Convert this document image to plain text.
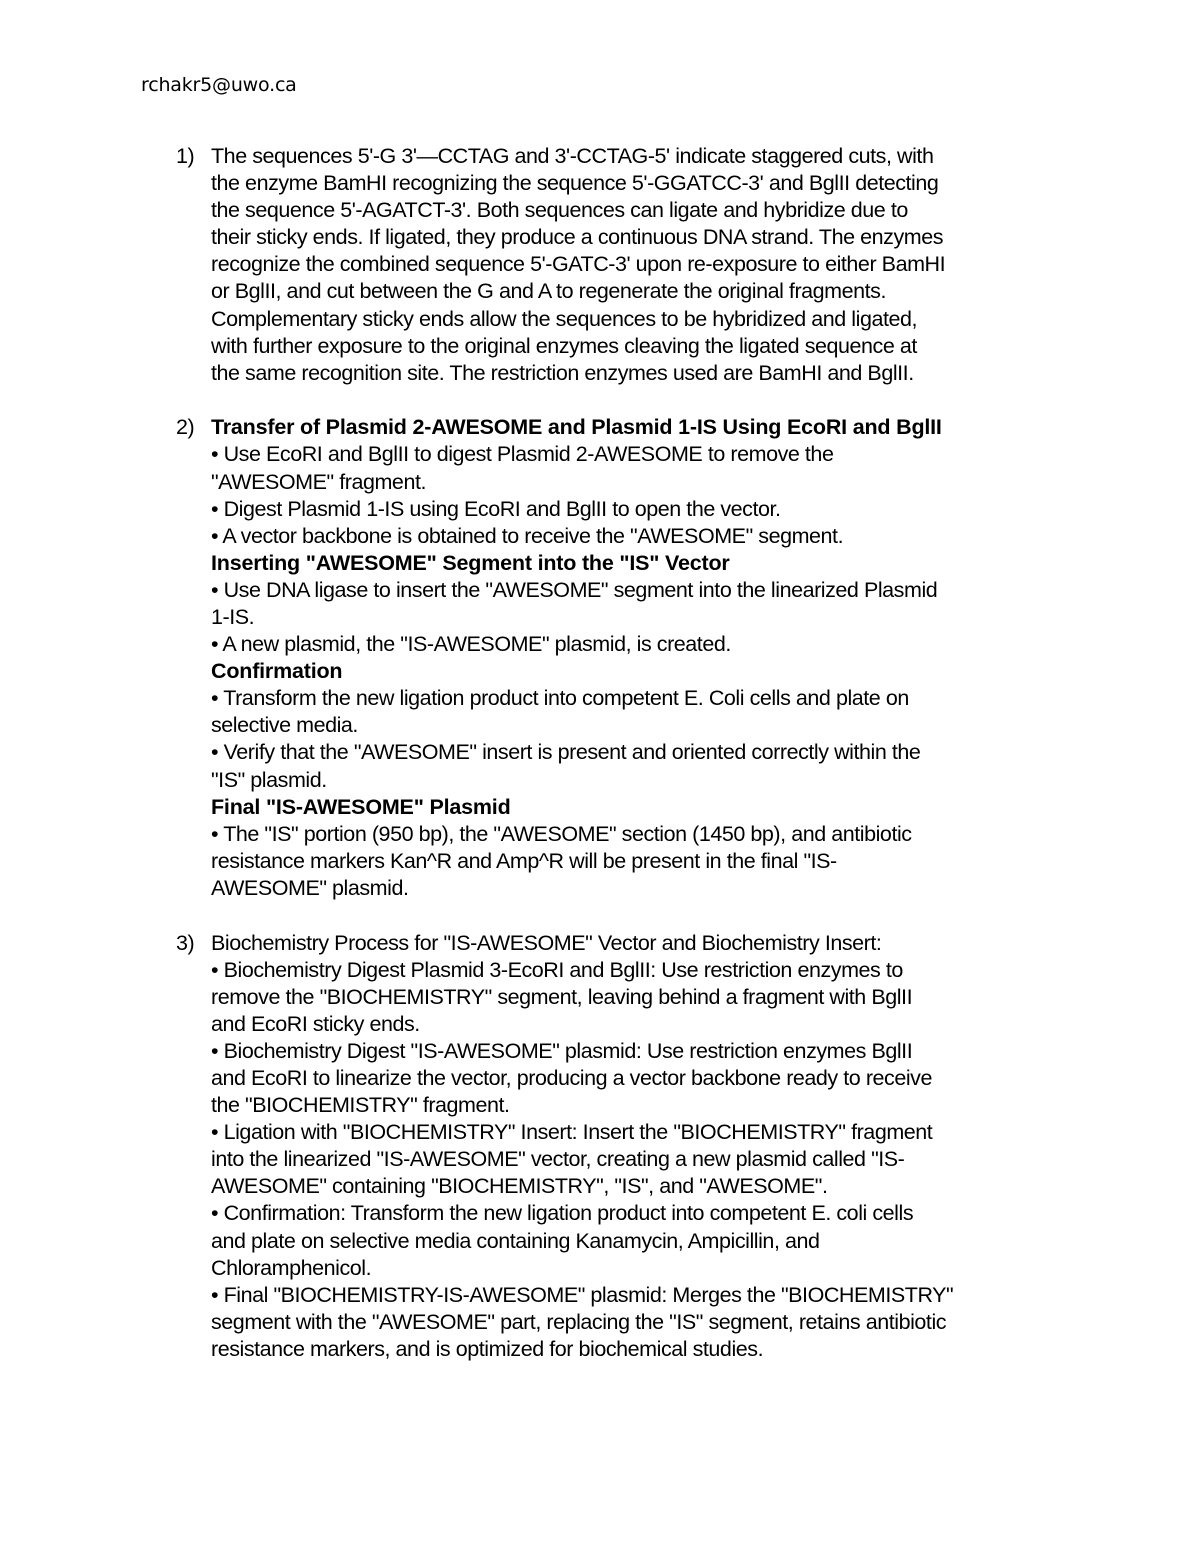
rchakr5@uwo.ca
1) The sequences 5'-G 3'—CCTAG and 3'-CCTAG-5' indicate staggered cuts, with
the enzyme BamHI recognizing the sequence 5'-GGATCC-3' and BglII detecting
the sequence 5'-AGATCT-3'. Both sequences can ligate and hybridize due to
their sticky ends. If ligated, they produce a continuous DNA strand. The enzymes
recognize the combined sequence 5'-GATC-3' upon re-exposure to either BamHI
or BglII, and cut between the G and A to regenerate the original fragments.
Complementary sticky ends allow the sequences to be hybridized and ligated,
with further exposure to the original enzymes cleaving the ligated sequence at
the same recognition site. The restriction enzymes used are BamHI and BglII.
2) Transfer of Plasmid 2-AWESOME and Plasmid 1-IS Using EcoRI and BglII
• Use EcoRI and BglII to digest Plasmid 2-AWESOME to remove the
"AWESOME" fragment.
• Digest Plasmid 1-IS using EcoRI and BglII to open the vector.
• A vector backbone is obtained to receive the "AWESOME" segment.
Inserting "AWESOME" Segment into the "IS" Vector
• Use DNA ligase to insert the "AWESOME" segment into the linearized Plasmid
1-IS.
• A new plasmid, the "IS-AWESOME" plasmid, is created.
Confirmation
• Transform the new ligation product into competent E. Coli cells and plate on
selective media.
• Verify that the "AWESOME" insert is present and oriented correctly within the
"IS" plasmid.
Final "IS-AWESOME" Plasmid
• The "IS" portion (950 bp), the "AWESOME" section (1450 bp), and antibiotic
resistance markers Kan^R and Amp^R will be present in the final "IS-
AWESOME" plasmid.
3) Biochemistry Process for "IS-AWESOME" Vector and Biochemistry Insert:
• Biochemistry Digest Plasmid 3-EcoRI and BglII: Use restriction enzymes to
remove the "BIOCHEMISTRY" segment, leaving behind a fragment with BglII
and EcoRI sticky ends.
• Biochemistry Digest "IS-AWESOME" plasmid: Use restriction enzymes BglII
and EcoRI to linearize the vector, producing a vector backbone ready to receive
the "BIOCHEMISTRY" fragment.
• Ligation with "BIOCHEMISTRY" Insert: Insert the "BIOCHEMISTRY" fragment
into the linearized "IS-AWESOME" vector, creating a new plasmid called "IS-
AWESOME" containing "BIOCHEMISTRY", "IS", and "AWESOME".
• Confirmation: Transform the new ligation product into competent E. coli cells
and plate on selective media containing Kanamycin, Ampicillin, and
Chloramphenicol.
• Final "BIOCHEMISTRY-IS-AWESOME" plasmid: Merges the "BIOCHEMISTRY"
segment with the "AWESOME" part, replacing the "IS" segment, retains antibiotic
resistance markers, and is optimized for biochemical studies.
